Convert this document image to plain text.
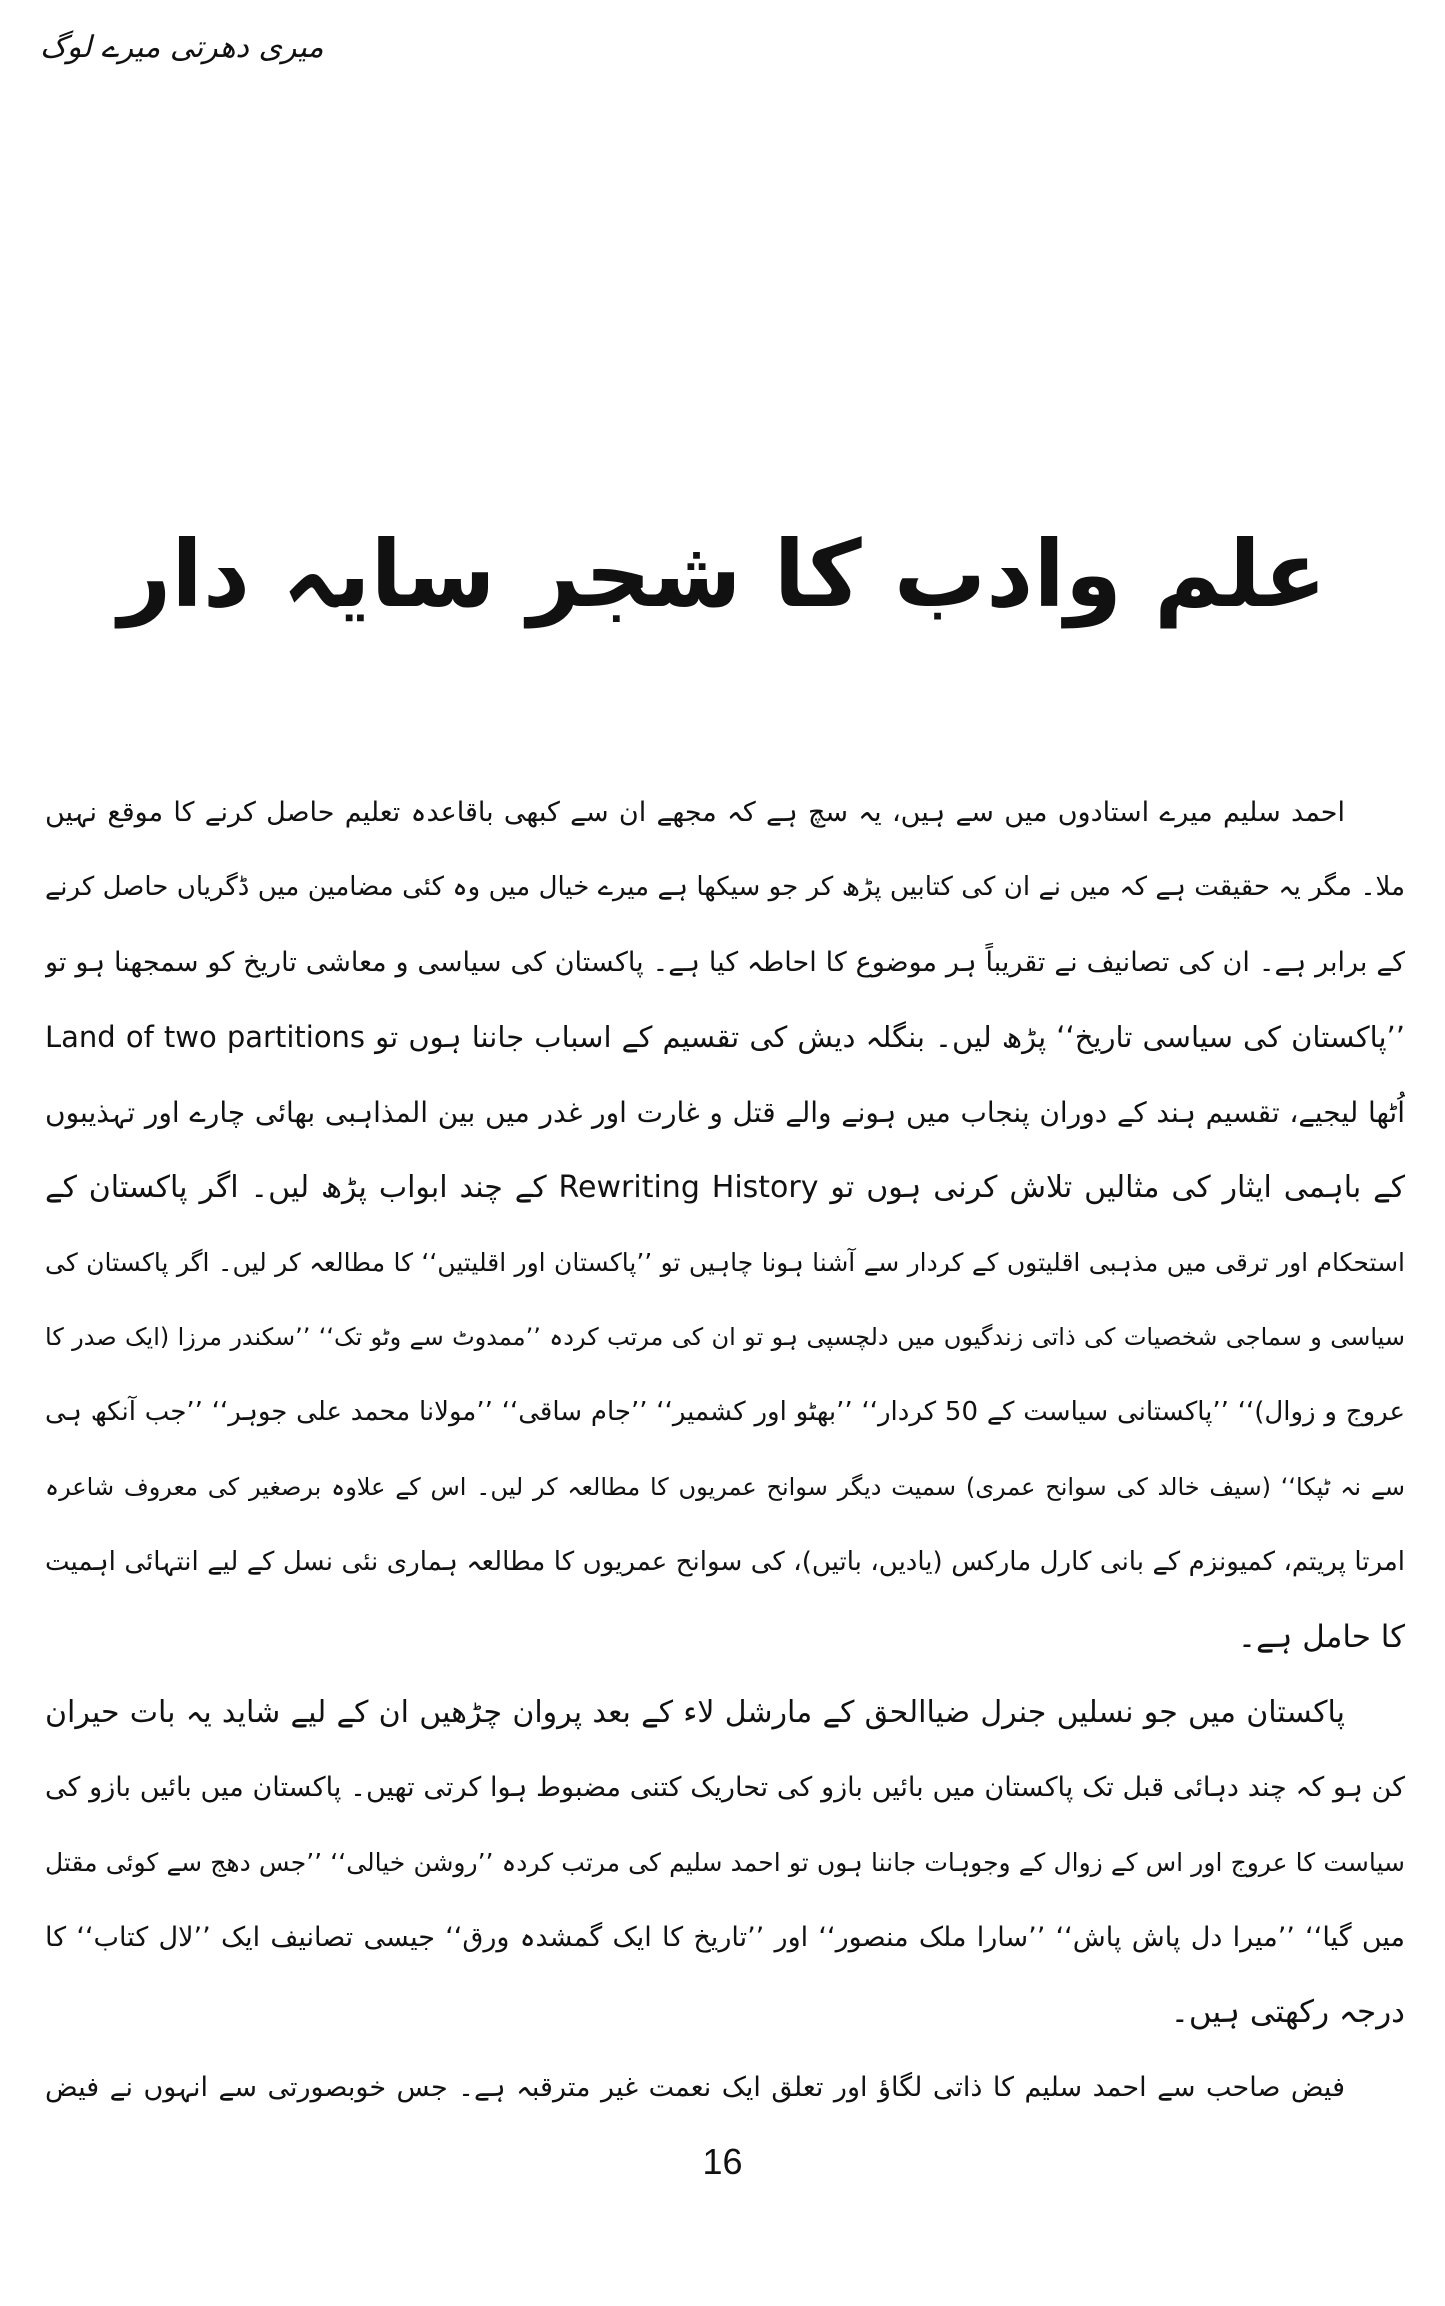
میری دھرتی میرے لوگ
علم وادب کا شجر سایہ دار
احمد سلیم میرے استادوں میں سے ہیں، یہ سچ ہے کہ مجھے ان سے کبھی باقاعدہ تعلیم حاصل کرنے کا موقع نہیں
ملا۔ مگر یہ حقیقت ہے کہ میں نے ان کی کتابیں پڑھ کر جو سیکھا ہے میرے خیال میں وہ کئی مضامین میں ڈگریاں حاصل کرنے
کے برابر ہے۔ ان کی تصانیف نے تقریباً ہر موضوع کا احاطہ کیا ہے۔ پاکستان کی سیاسی و معاشی تاریخ کو سمجھنا ہو تو
’’پاکستان کی سیاسی تاریخ‘‘ پڑھ لیں۔ بنگلہ دیش کی تقسیم کے اسباب جاننا ہوں تو Land of two partitions
اُٹھا لیجیے، تقسیم ہند کے دوران پنجاب میں ہونے والے قتل و غارت اور غدر میں بین المذاہبی بھائی چارے اور تہذیبوں
کے باہمی ایثار کی مثالیں تلاش کرنی ہوں تو Rewriting History کے چند ابواب پڑھ لیں۔ اگر پاکستان کے
استحکام اور ترقی میں مذہبی اقلیتوں کے کردار سے آشنا ہونا چاہیں تو ’’پاکستان اور اقلیتیں‘‘ کا مطالعہ کر لیں۔ اگر پاکستان کی
سیاسی و سماجی شخصیات کی ذاتی زندگیوں میں دلچسپی ہو تو ان کی مرتب کردہ ’’ممدوٹ سے وٹو تک‘‘ ’’سکندر مرزا (ایک صدر کا
عروج و زوال)‘‘ ’’پاکستانی سیاست کے 50 کردار‘‘ ’’بھٹو اور کشمیر‘‘ ’’جام ساقی‘‘ ’’مولانا محمد علی جوہر‘‘ ’’جب آنکھ ہی
سے نہ ٹپکا‘‘ (سیف خالد کی سوانح عمری) سمیت دیگر سوانح عمریوں کا مطالعہ کر لیں۔ اس کے علاوہ برصغیر کی معروف شاعرہ
امرتا پریتم، کمیونزم کے بانی کارل مارکس (یادیں، باتیں)، کی سوانح عمریوں کا مطالعہ ہماری نئی نسل کے لیے انتہائی اہمیت
کا حامل ہے۔
پاکستان میں جو نسلیں جنرل ضیاالحق کے مارشل لاء کے بعد پروان چڑھیں ان کے لیے شاید یہ بات حیران
کن ہو کہ چند دہائی قبل تک پاکستان میں بائیں بازو کی تحاریک کتنی مضبوط ہوا کرتی تھیں۔ پاکستان میں بائیں بازو کی
سیاست کا عروج اور اس کے زوال کے وجوہات جاننا ہوں تو احمد سلیم کی مرتب کردہ ’’روشن خیالی‘‘ ’’جس دھج سے کوئی مقتل
میں گیا‘‘ ’’میرا دل پاش پاش‘‘ ’’سارا ملک منصور‘‘ اور ’’تاریخ کا ایک گمشدہ ورق‘‘ جیسی تصانیف ایک ’’لال کتاب‘‘ کا
درجہ رکھتی ہیں۔
فیض صاحب سے احمد سلیم کا ذاتی لگاؤ اور تعلق ایک نعمت غیر مترقبہ ہے۔ جس خوبصورتی سے انہوں نے فیض
16
